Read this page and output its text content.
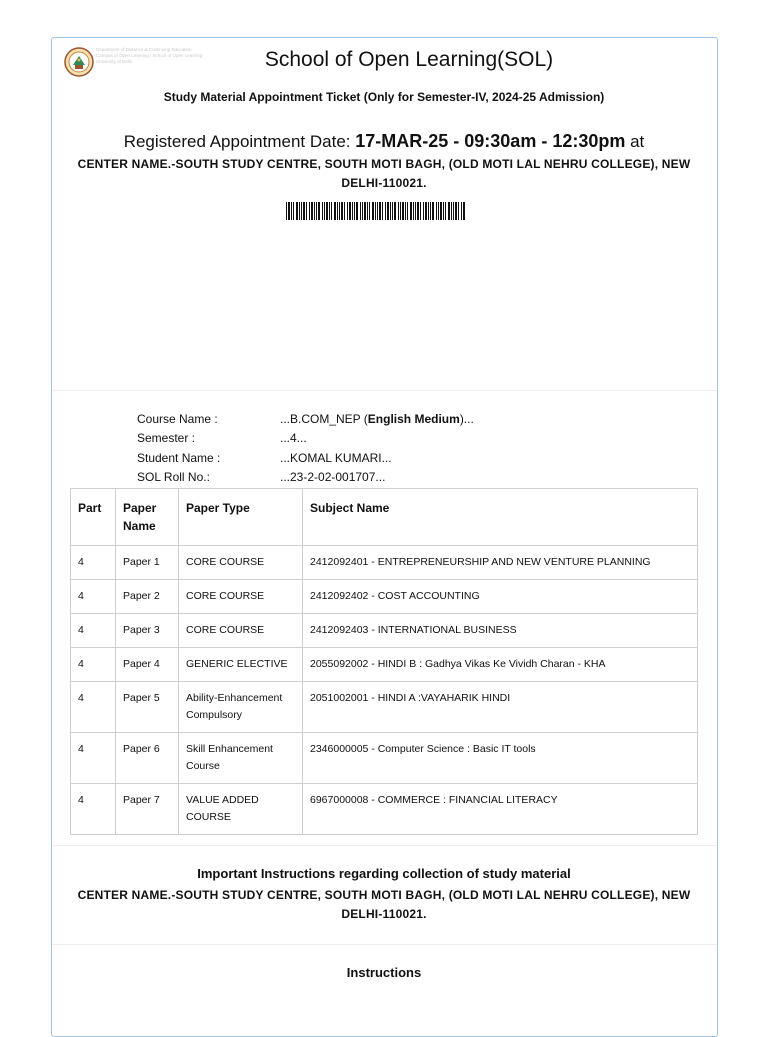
Department of Distance & Continuing Education
Campus of Open Learning / School of Open Learning
University of Delhi	School of Open Learning(SOL)
Study Material Appointment Ticket (Only for Semester-IV, 2024-25 Admission)
Registered Appointment Date: 17-MAR-25 - 09:30am - 12:30pm at
CENTER NAME.-SOUTH STUDY CENTRE, SOUTH MOTI BAGH, (OLD MOTI LAL NEHRU COLLEGE), NEW DELHI-110021.
Course Name :	...B.COM_NEP (English Medium)...
Semester :	...4...
Student Name :	...KOMAL KUMARI...
SOL Roll No.:	...23-2-02-001707...
Part	Paper Name	Paper Type	Subject Name
4	Paper 1	CORE COURSE	2412092401 - ENTREPRENEURSHIP AND NEW VENTURE PLANNING
4	Paper 2	CORE COURSE	2412092402 - COST ACCOUNTING
4	Paper 3	CORE COURSE	2412092403 - INTERNATIONAL BUSINESS
4	Paper 4	GENERIC ELECTIVE	2055092002 - HINDI B : Gadhya Vikas Ke Vividh Charan - KHA
4	Paper 5	Ability-Enhancement Compulsory	2051002001 - HINDI A :VAYAHARIK HINDI
4	Paper 6	Skill Enhancement Course	2346000005 - Computer Science : Basic IT tools
4	Paper 7	VALUE ADDED COURSE	6967000008 - COMMERCE : FINANCIAL LITERACY
Important Instructions regarding collection of study material
CENTER NAME.-SOUTH STUDY CENTRE, SOUTH MOTI BAGH, (OLD MOTI LAL NEHRU COLLEGE), NEW DELHI-110021.
Instructions
